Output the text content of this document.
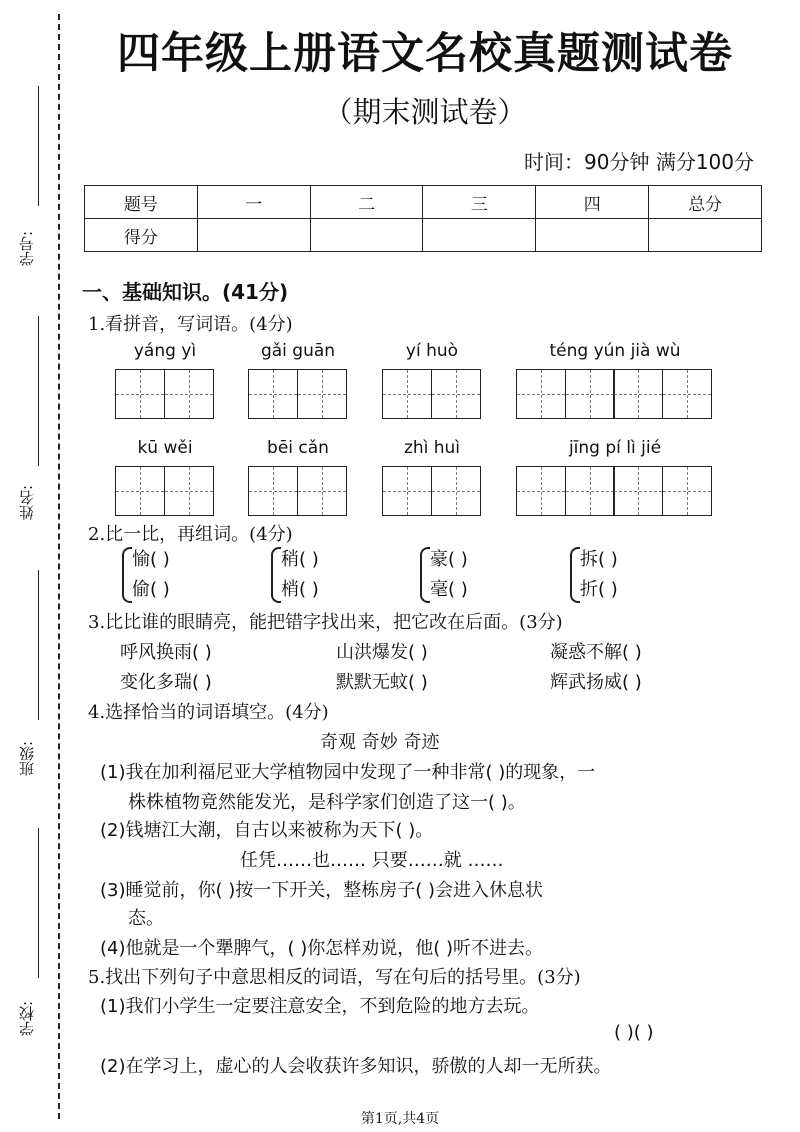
学号:
姓名:
班级:
学校:
四年级上册语文名校真题测试卷
（期末测试卷）
时间：90分钟 满分100分
题号	一	二	三	四	总分
得分					
一、基础知识。(41分)
1.看拼音，写词语。(4分)
yáng yì	gǎi guān	yí huò	téng yún jià wù
kū wěi	bēi cǎn	zhì huì	jīng pí lì jié
2.比一比，再组词。(4分)
愉( )
偷( )
稍( )
梢( )
豪( )
毫( )
拆( )
折( )
3.比比谁的眼睛亮，能把错字找出来，把它改在后面。(3分)
呼风换雨( )	山洪爆发( )	凝惑不解( )
变化多瑞( )	默默无蚊( )	辉武扬威( )
4.选择恰当的词语填空。(4分)
奇观 奇妙 奇迹
(1)我在加利福尼亚大学植物园中发现了一种非常( )的现象，一
株株植物竟然能发光，是科学家们创造了这一( )。
(2)钱塘江大潮，自古以来被称为天下( )。
任凭……也…… 只要……就 ……
(3)睡觉前，你( )按一下开关，整栋房子( )会进入休息状
态。
(4)他就是一个犟脾气，( )你怎样劝说，他( )听不进去。
5.找出下列句子中意思相反的词语，写在句后的括号里。(3分)
(1)我们小学生一定要注意安全，不到危险的地方去玩。
( )( )
(2)在学习上，虚心的人会收获许多知识，骄傲的人却一无所获。
第1页,共4页
